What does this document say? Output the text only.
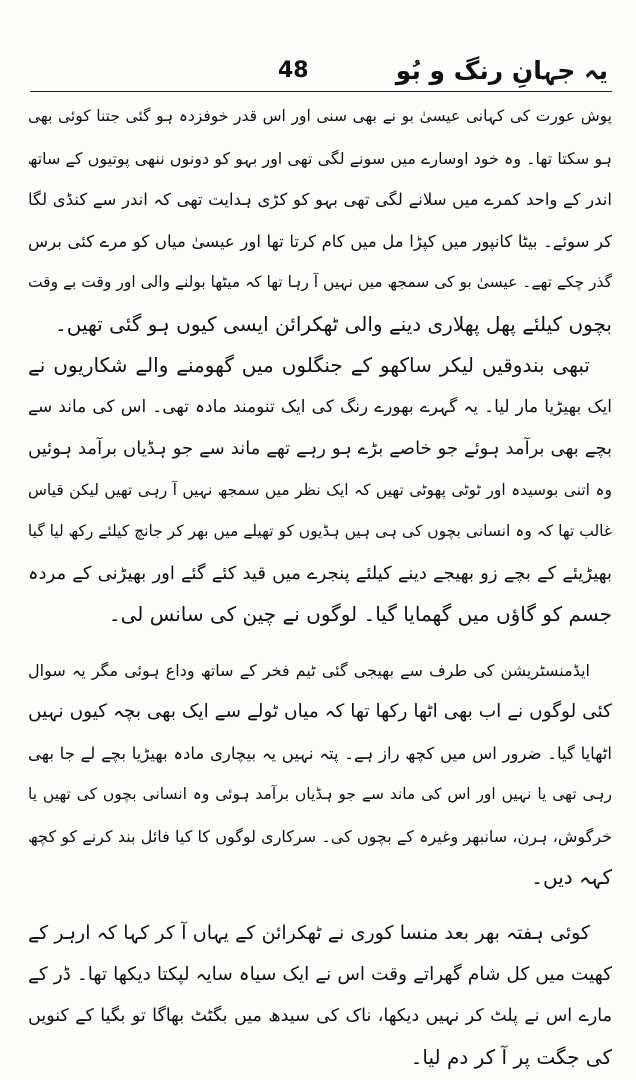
یہ جہانِ رنگ و بُو
48
پوش عورت کی کہانی عیسیٰ بو نے بھی سنی اور اس قدر خوفزدہ ہو گئی جتنا کوئی بھی
ہو سکتا تھا۔ وہ خود اوسارے میں سونے لگی تھی اور بہو کو دونوں ننھی پوتیوں کے ساتھ
اندر کے واحد کمرے میں سلانے لگی تھی بہو کو کڑی ہدایت تھی کہ اندر سے کنڈی لگا
کر سوئے۔ بیٹا کانپور میں کپڑا مل میں کام کرتا تھا اور عیسیٰ میاں کو مرے کئی برس
گذر چکے تھے۔ عیسیٰ بو کی سمجھ میں نہیں آ رہا تھا کہ میٹھا بولنے والی اور وقت بے وقت
بچوں کیلئے پھل پھلاری دینے والی ٹھکرائن ایسی کیوں ہو گئی تھیں۔
تبھی بندوقیں لیکر ساکھو کے جنگلوں میں گھومنے والے شکاریوں نے
ایک بھیڑیا مار لیا۔ یہ گہرے بھورے رنگ کی ایک تنومند مادہ تھی۔ اس کی ماند سے
بچے بھی برآمد ہوئے جو خاصے بڑے ہو رہے تھے ماند سے جو ہڈیاں برآمد ہوئیں
وہ اتنی بوسیدہ اور ٹوٹی پھوٹی تھیں کہ ایک نظر میں سمجھ نہیں آ رہی تھیں لیکن قیاس
غالب تھا کہ وہ انسانی بچوں کی ہی ہیں ہڈیوں کو تھیلے میں بھر کر جانچ کیلئے رکھ لیا گیا
بھیڑیئے کے بچے زو بھیجے دینے کیلئے پنجرے میں قید کئے گئے اور بھیڑنی کے مردہ
جسم کو گاؤں میں گھمایا گیا۔ لوگوں نے چین کی سانس لی۔
ایڈمنسٹریشن کی طرف سے بھیجی گئی ٹیم فخر کے ساتھ وداع ہوئی مگر یہ سوال
کئی لوگوں نے اب بھی اٹھا رکھا تھا کہ میاں ٹولے سے ایک بھی بچہ کیوں نہیں
اٹھایا گیا۔ ضرور اس میں کچھ راز ہے۔ پتہ نہیں یہ بیچاری مادہ بھیڑیا بچے لے جا بھی
رہی تھی یا نہیں اور اس کی ماند سے جو ہڈیاں برآمد ہوئی وہ انسانی بچوں کی تھیں یا
خرگوش، ہرن، سانبھر وغیرہ کے بچوں کی۔ سرکاری لوگوں کا کیا فائل بند کرنے کو کچھ
کہہ دیں۔
کوئی ہفتہ بھر بعد منسا کوری نے ٹھکرائن کے یہاں آ کر کہا کہ ارہر کے
کھیت میں کل شام گھراتے وقت اس نے ایک سیاہ سایہ لپکتا دیکھا تھا۔ ڈر کے
مارے اس نے پلٹ کر نہیں دیکھا، ناک کی سیدھ میں بگٹٹ بھاگا تو بگیا کے کنویں
کی جگت پر آ کر دم لیا۔
